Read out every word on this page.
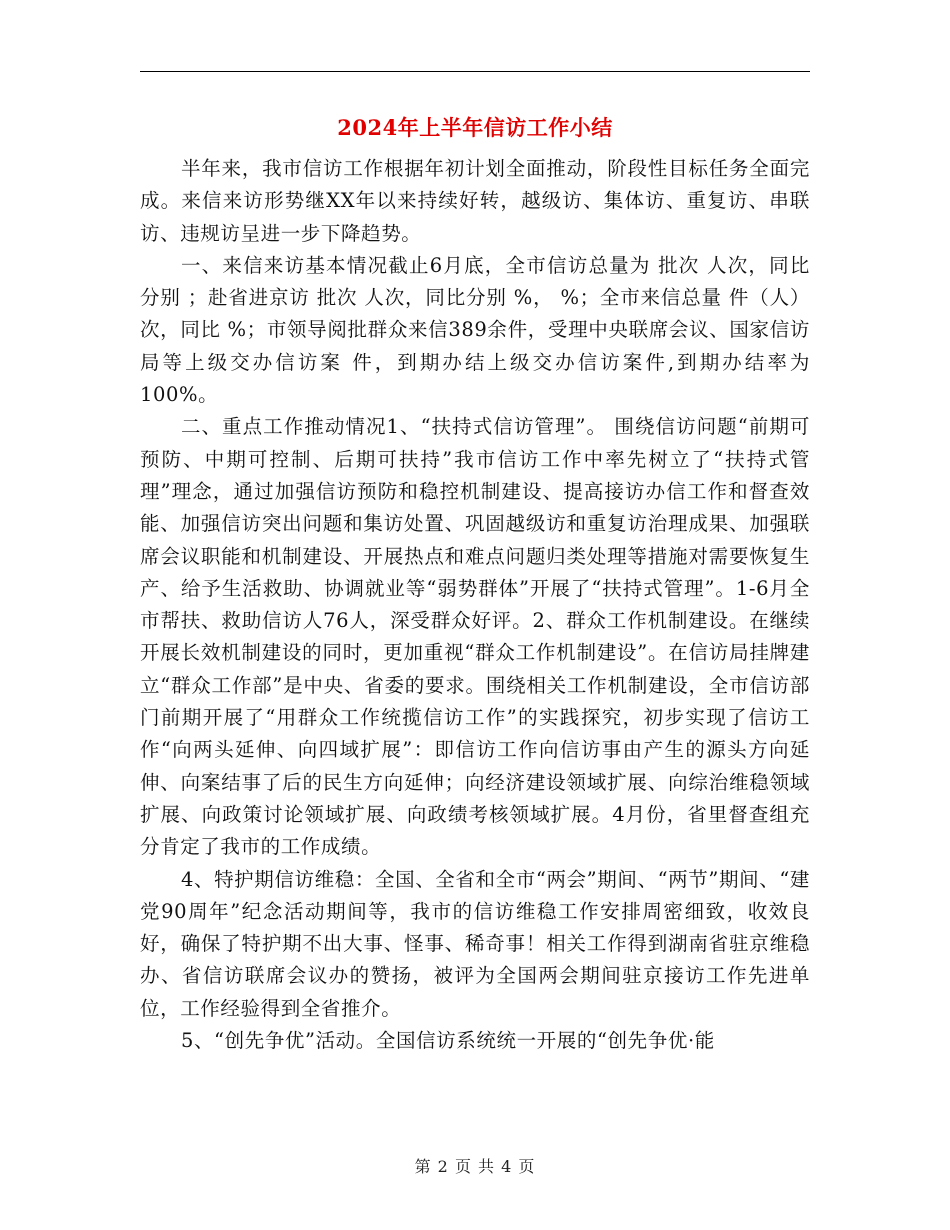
2024年上半年信访工作小结

半年来，我市信访工作根据年初计划全面推动，阶段性目标任务全面完成。来信来访形势继XX年以来持续好转，越级访、集体访、重复访、串联访、违规访呈进一步下降趋势。

一、来信来访基本情况截止6月底，全市信访总量为 批次 人次，同比分别 ；赴省进京访 批次 人次，同比分别 %， %；全市来信总量 件（人）次，同比 %；市领导阅批群众来信389余件，受理中央联席会议、国家信访局等上级交办信访案 件，到期办结上级交办信访案件,到期办结率为100%。

二、重点工作推动情况1、“扶持式信访管理”。 围绕信访问题“前期可预防、中期可控制、后期可扶持”我市信访工作中率先树立了“扶持式管理”理念，通过加强信访预防和稳控机制建设、提高接访办信工作和督查效能、加强信访突出问题和集访处置、巩固越级访和重复访治理成果、加强联席会议职能和机制建设、开展热点和难点问题归类处理等措施对需要恢复生产、给予生活救助、协调就业等“弱势群体”开展了“扶持式管理”。1-6月全市帮扶、救助信访人76人，深受群众好评。2、群众工作机制建设。在继续开展长效机制建设的同时，更加重视“群众工作机制建设”。在信访局挂牌建立“群众工作部”是中央、省委的要求。围绕相关工作机制建设，全市信访部门前期开展了“用群众工作统揽信访工作”的实践探究，初步实现了信访工作“向两头延伸、向四域扩展”：即信访工作向信访事由产生的源头方向延伸、向案结事了后的民生方向延伸；向经济建设领域扩展、向综治维稳领域扩展、向政策讨论领域扩展、向政绩考核领域扩展。4月份，省里督查组充分肯定了我市的工作成绩。

4、特护期信访维稳：全国、全省和全市“两会”期间、“两节”期间、“建党90周年”纪念活动期间等，我市的信访维稳工作安排周密细致，收效良好，确保了特护期不出大事、怪事、稀奇事！相关工作得到湖南省驻京维稳办、省信访联席会议办的赞扬，被评为全国两会期间驻京接访工作先进单位，工作经验得到全省推介。

5、“创先争优”活动。全国信访系统统一开展的“创先争优·能

第 2 页 共 4 页
